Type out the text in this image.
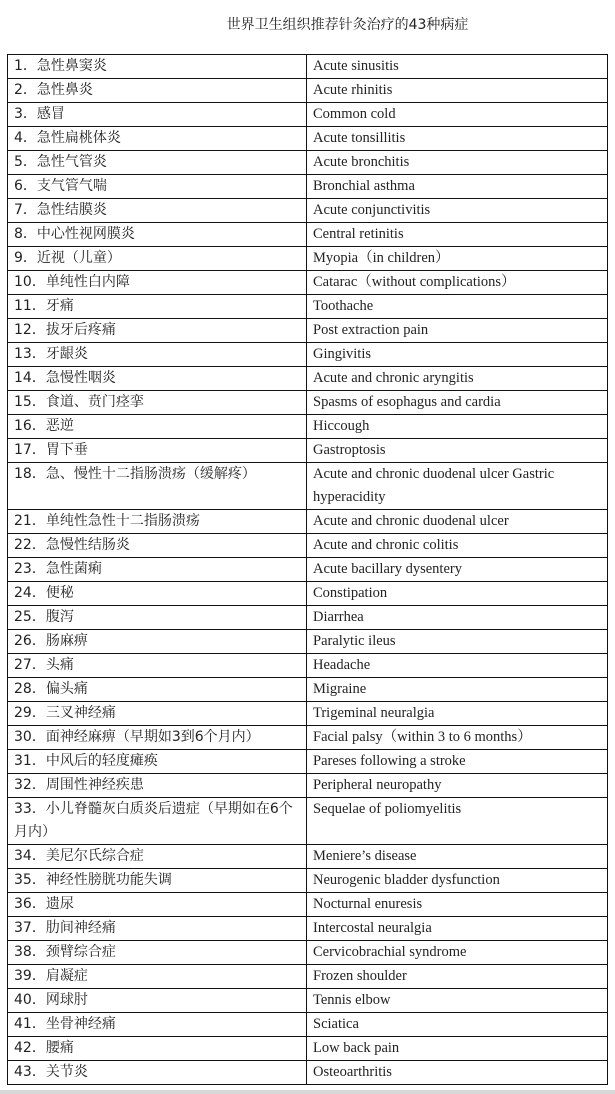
世界卫生组织推荐针灸治疗的43种病症
1．急性鼻窦炎	Acute sinusitis
2．急性鼻炎	Acute rhinitis
3．感冒	Common cold
4．急性扁桃体炎	Acute tonsillitis
5．急性气管炎	Acute bronchitis
6．支气管气喘	Bronchial asthma
7．急性结膜炎	Acute conjunctivitis
8．中心性视网膜炎	Central retinitis
9．近视（儿童）	Myopia（in children）
10．单纯性白内障	Catarac（without complications）
11．牙痛	Toothache
12．拔牙后疼痛	Post extraction pain
13．牙龈炎	Gingivitis
14．急慢性咽炎	Acute and chronic aryngitis
15．食道、贲门痉挛	Spasms of esophagus and cardia
16．恶逆	Hiccough
17．胃下垂	Gastroptosis
18．急、慢性十二指肠溃疡（缓解疼）	Acute and chronic duodenal ulcer Gastric hyperacidity
21．单纯性急性十二指肠溃疡	Acute and chronic duodenal ulcer
22．急慢性结肠炎	Acute and chronic colitis
23．急性菌痢	Acute bacillary dysentery
24．便秘	Constipation
25．腹泻	Diarrhea
26．肠麻痹	Paralytic ileus
27．头痛	Headache
28．偏头痛	Migraine
29．三叉神经痛	Trigeminal neuralgia
30．面神经麻痹（早期如3到6个月内）	Facial palsy（within 3 to 6 months）
31．中风后的轻度瘫痪	Pareses following a stroke
32．周围性神经疾患	Peripheral neuropathy
33．小儿脊髓灰白质炎后遗症（早期如在6个月内）	Sequelae of poliomyelitis
34．美尼尔氏综合症	Meniere’s disease
35．神经性膀胱功能失调	Neurogenic bladder dysfunction
36．遗尿	Nocturnal enuresis
37．肋间神经痛	Intercostal neuralgia
38．颈臂综合症	Cervicobrachial syndrome
39．肩凝症	Frozen shoulder
40．网球肘	Tennis elbow
41．坐骨神经痛	Sciatica
42．腰痛	Low back pain
43．关节炎	Osteoarthritis
